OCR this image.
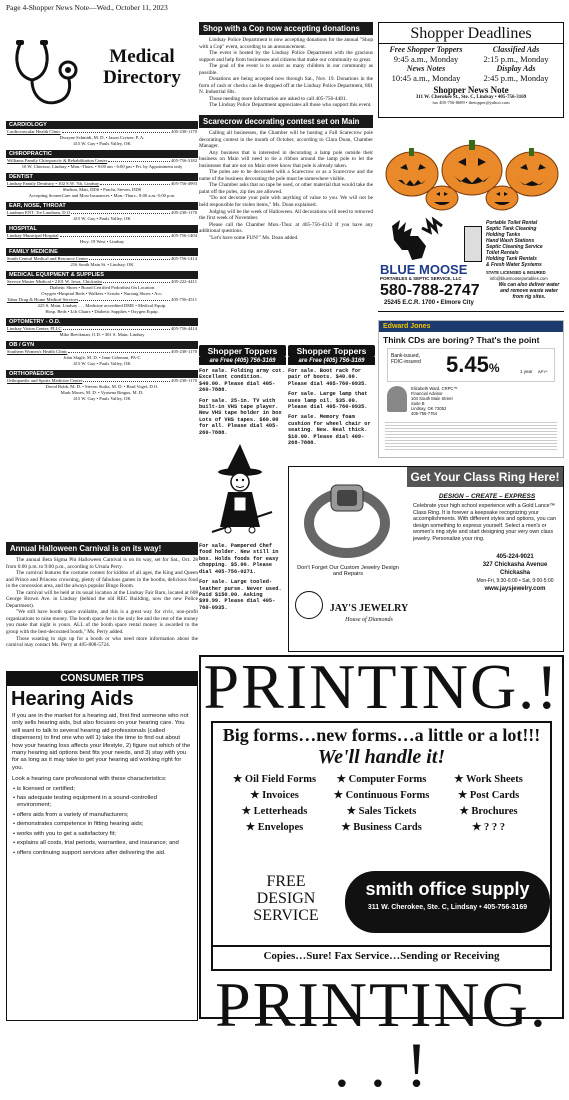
Page 4-Shopper News Note—Wed., October 11, 2023
Medical
Directory
CARDIOLOGY
Cardiovascular Health Clinic	405-238-1170
Dwayne Schmidt, M. D. • Jason Crytzer, P. A.
415 W. Guy • Pauls Valley, OK
CHIROPRACTIC
Williams Family Chiropractic & Rehabilitation Center	405-756-3182
10 W. Choctaw, Lindsay • Mon.-Thurs. • 9:00 am - 6:00 pm • Fri. by Appointment only
DENTIST
Lindsay Family Dentistry • 102 S.W. 7th, Lindsay	405-756-4993
Shelton, Matt, DDS • Pracht, Steven, DDS
Accepting SoonerCare and Most Insurances • Mon.-Thurs., 8:00 a.m.-5:00 p.m.
EAR, NOSE, THROAT
Laudrum ENT, Tre Laudrum, D.O	405-238-1170
415 W. Guy • Pauls Valley, OK
HOSPITAL
Lindsay Municipal Hospital	405-756-1404
Hwy. 19 West • Lindsay
FAMILY MEDICINE
South Central Medical and Resource Center	405-756-1414
216 South Main St. • Lindsay, OK
MEDICAL EQUIPMENT & SUPPLIES
Service Master Medical • 2101 W. Iowa, Chickasha	405-222-4411
Diabetic Shoes • Board Certified Podorthist On Location
Oxygen •Hospital Beds • Walkers • Scrubs • Nursing Shoes • Acc.
Tabor Drug & Home Medical Services	405-756-4511
225 S. Main, Lindsay . . . Medicine accredited DME • Medical Equip.
Hosp. Beds • Lift Chairs • Diabetic Supplies • Oxygen Equip.
OPTOMETRY - O.D.
Lindsay Vision Center, PLLC	405-756-4414
Mike Beeckman, O.D. • 301 S. Main, Lindsay
OB / GYN
Southern Women's Health Clinic	405-238-1170
John Slagle, M. D. • Jami Coleman, PA-C
415 W. Guy • Pauls Valley, OK
ORTHOPAEDICS
Orthopaedic and Sports Medicine Center	405-238-1170
David Bobb, M. D. • Steven Stultz, M. D. • Brad Vogel, D.O.
Mark Moses, M. D. • Vyasena Ringus, M. D.
415 W. Guy • Pauls Valley, OK
Annual Halloween Carnival is on its way!

The annual Beta Sigma Phi Halloween Carnival is on its way, set for Sat., Oct. 28 from 6:00 p.m. to 9:00 p.m., according to Ursula Perry.

The carnival features the costume contest for kiddos of all ages, the King and Queen and Prince and Princess crowning, plenty of fabulous games in the booths, delicious food in the concession area, and the always popular Bingo Room.

The carnival will be held at its usual location at the Lindsay Fair Barn, located at 608 George Brown Ave. in Lindsay (behind the old REC Building, now the new Police Department).

"We still have booth space available, and this is a great way for civic, non-profit organizations to raise money. The booth space fee is the only fee and the rest of the money you make that night is yours. ALL of the booth space rental money is awarded to the group with the best-decorated booth," Ms. Perry added.

Those wanting to sign up for a booth or who need more information about the carnival may contact Ms. Perry at 405-808-5724.

CONSUMER TIPS
Hearing Aids
If you are in the market for a hearing aid, first find someone who not only sells hearing aids, but also focuses on your hearing care. You will want to talk to several hearing aid professionals (called dispensers) to find one who will 1) take the time to find out about how your hearing loss affects your lifestyle, 2) figure out which of the many hearing aid options best fits your needs, and 3) stay with you for as long as it may take to get your hearing aid working right for you.
Look a hearing care professional with these characteristics:
• is licensed or certified;
• has adequate testing equipment in a sound-controlled environment;
• offers aids from a variety of manufacturers;
• demonstrates competence in fitting hearing aids;
• works with you to get a satisfactory fit;
• explains all costs, trial periods, warranties, and insurance; and
• offers continuing support services after delivering the aid.
Shop with a Cop now accepting donations

Lindsay Police Department is now accepting donations for the annual "Shop with a Cop" event, according to an announcement.

The event is hosted by the Lindsay Police Department with the gracious support and help from businesses and citizens that make our community so great.

The goal of the event is to assist as many children in our community as possible.

Donations are being accepted now through Sat., Nov. 19. Donations in the form of cash or checks can be dropped off at the Lindsay Police Department, 801 N. Industrial Hts.

Those needing more information are asked to call 405-756-4481.

The Lindsay Police Department appreciates all those who support this event.

Scarecrow decorating contest set on Main

Calling all businesses, the Chamber will be hosting a Fall Scarecrow pole decorating contest in the month of October, according to Clara Doan, Chamber Manager.

Any business that is interested in decorating a lamp pole outside their business on Main will need to tie a ribbon around the lamp pole to let the businesses that are not on Main street know that pole is already taken.

The poles are to be decorated with a Scarecrow or as a Scarecrow and the name of the business decorating the pole must be somewhere visible.

The Chamber asks that no tape be used, or other material that would take the paint off the poles, zip ties are allowed.

"Do not decorate your pole with anything of value to you. We will not be held responsible for stolen items," Ms. Doan explained.

Judging will be the week of Halloween. All decorations will need to removed the first week of November.

Please call the Chamber Mon.-Thur. at 405-756-4312 if you have any additional questions.

"Let's have some FUN!" Ms. Doan added.

Shopper Toppers
are Free (405) 756-3169
For sale. Folding army cot. Excellent condition. $40.00. Please dial 405-260-7888.
For sale. 25-in. TV with built-in VHS tape player. New VHS tape holder in box Lots of VHS tapes. $60.00 for all. Please dial 405-260-7888.
For sale. Pampered Chef food holder. New still in box. Holds foods for easy chopping. $5.00. Please dial 405-756-0271.
For sale. Large tooled-leather purse. Never used. Paid $150.00. Asking $99.99. Please dial 405-760-0935.
Shopper Toppers
are Free (405) 756-3169
For sale. Boot rack for pair of boots. $40.00. Please dial 405-760-0935.
For sale. Large lamp that uses lamp oil. $35.00. Please dial 405-760-0935.
For sale. Memory foam cushion for wheel chair or seating. New. Real thick. $10.00. Please dial 409-268-7888.
Shopper Deadlines
Free Shopper Toppers	Classified Ads
9:45 a.m., Monday	2:15 p.m., Monday
News Notes	Display Ads
10:45 a.m., Monday	2:45 p.m., Monday
Shopper News Note
311 W. Cherokee St., Ste. C, Lindsay • 405-756-3169
fax 405-756-8689 • thetopper@yahoo.com
BLUE MOOSE
PORTABLES & SEPTIC SERVICE, LLC
580-788-2747
25245 E.C.R. 1700 • Elmore City
Portable Toilet Rental
Septic Tank Cleaning
Holding Tanks
Hand Wash Stations
Septic Cleaning Service
Toilet Rentals
Holding Tank Rentals
& Fresh Water Systems
STATE LICENSED & INSURED
info@bluemooseportables.com
We can also deliver water and remove waste water from rig sites.
Edward Jones
Think CDs are boring? That's the point
Bank-issued, FDIC-insured	5.45%	1 year APY*
Elizabeth Ward, CRPC™
Financial Advisor
104 South Main Street
Suite B
Lindsay, OK 73052
405-756-7754
Get Your Class Ring Here!
Don't Forget Our Custom Jewelry Design and Repairs
JAY'S JEWELRY
House of Diamonds
DESIGN – CREATE – EXPRESS
Celebrate your high school experience with a Gold Lance™ Class Ring. It is forever a keepsake recognizing your accomplishments. With different styles and options, you can design something to express yourself. Select a men's or women's ring style and start designing your very own class jewelry. Personalize your ring.
405-224-9021
327 Chickasha Avenue
Chickasha
Mon-Fri, 9:30-6:00 • Sat, 9:00-5:00
www.jaysjewelry.com
PRINTING.!
Big forms…new forms…a little or a lot!!!
We'll handle it!
★ Oil Field Forms	★ Computer Forms	★ Work Sheets
★ Invoices	★ Continuous Forms	★ Post Cards
★ Letterheads	★ Sales Tickets	★ Brochures
★ Envelopes	★ Business Cards	★ ? ? ?
FREE
DESIGN SERVICE
smith office supply
311 W. Cherokee, Ste. C, Lindsay • 405-756-3169
Copies…Sure! Fax Service…Sending or Receiving
PRINTING. . . !
